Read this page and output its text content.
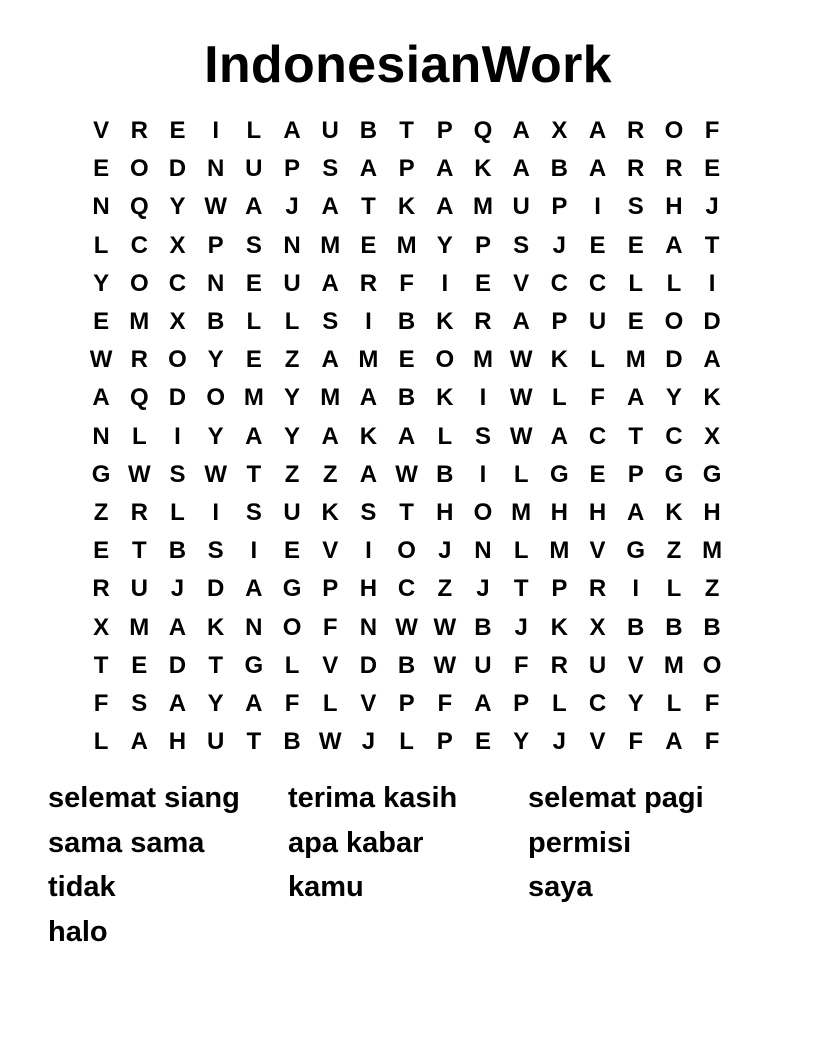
IndonesianWork
V R E	I	L A U B T P Q A X A R O F
E O D N U P S A P A K A B A R R E
N Q Y W A J A T K A M U P	I	S H J
L C X P S N M E M Y P S J E E A T
Y O C N E U A R F	I	E V C C L L	I
E M X B L L S	I	B K R A P U E O D
W R O Y E Z A M E O M W K L M D A
A Q D O M Y M A B K	I W L F A Y K
N L	I	Y A Y A K A L S W A C T C X
G W S W T Z Z A W B	I	L G E P G G
Z R L	I	S U K S T H O M H H A K H
E T B S	I	E V	I	O J N L M V G Z M
R U J D A G P H C Z	J	T P R	I	L Z
X M A K N O F N W W B J K X B B B
T E D T G L V D B W U F R U V M O
F S A Y A F L V P F A P L C Y L F
L A H U T B W J	L P E Y J V F A F
selemat siang	terima kasih	selemat pagi
sama sama	apa kabar	permisi
tidak	kamu	saya
halo
